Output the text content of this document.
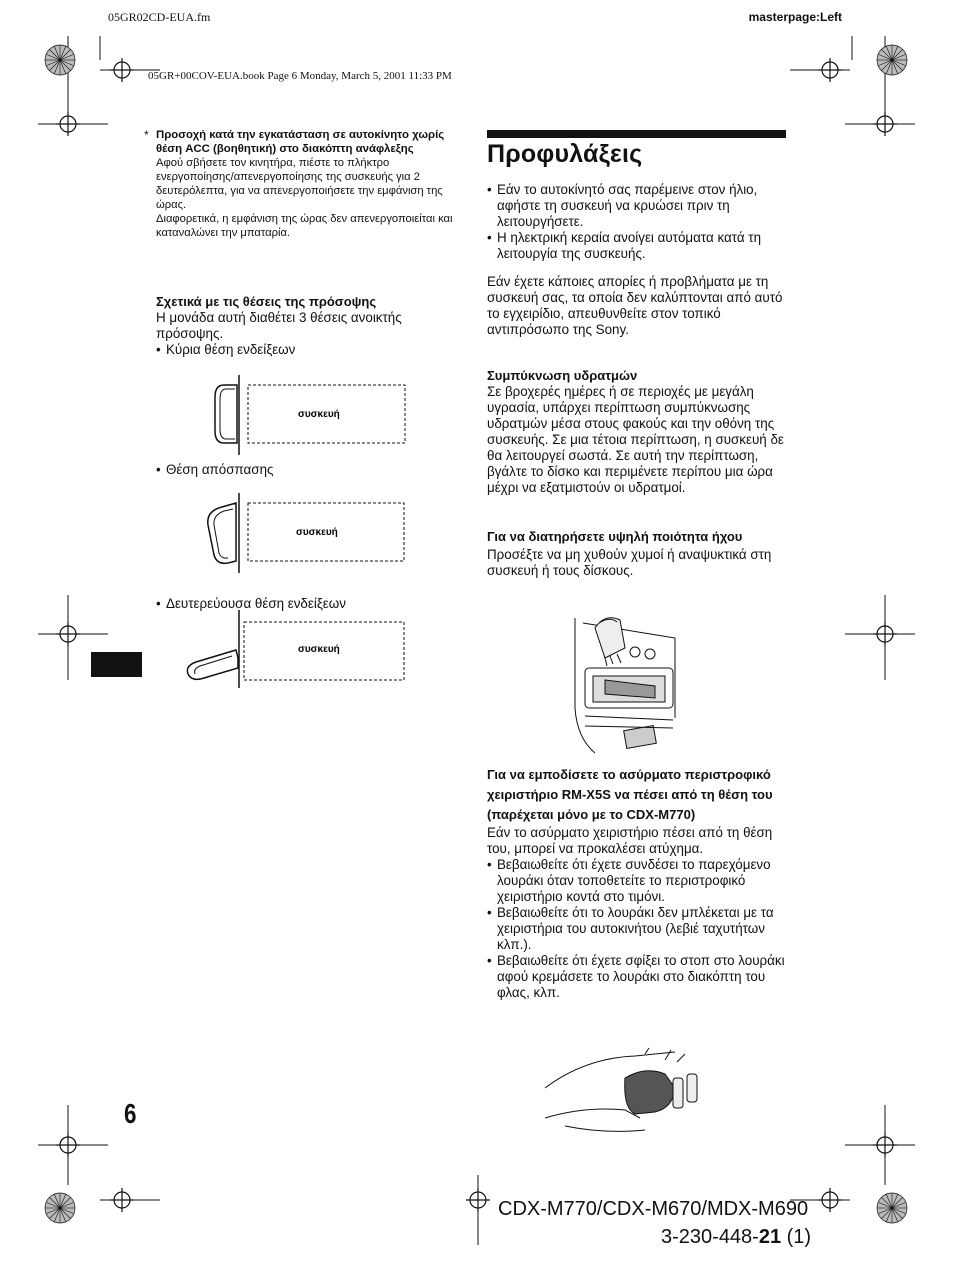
05GR02CD-EUA.fm	masterpage:Left
05GR+00COV-EUA.book Page 6 Monday, March 5, 2001 11:33 PM
* Προσοχή κατά την εγκατάσταση σε αυτοκίνητο χωρίς θέση ACC (βοηθητική) στο διακόπτη ανάφλεξης
Αφού σβήσετε τον κινητήρα, πιέστε το πλήκτρο ενεργοποίησης/απενεργοποίησης της συσκευής για 2 δευτερόλεπτα, για να απενεργοποιήσετε την εμφάνιση της ώρας.
Διαφορετικά, η εμφάνιση της ώρας δεν απενεργοποιείται και καταναλώνει την μπαταρία.
Σχετικά με τις θέσεις της πρόσοψης

Η μονάδα αυτή διαθέτει 3 θέσεις ανοικτής πρόσοψης.

• Κύρια θέση ενδείξεων
συσκευή
• Θέση απόσπασης
συσκευή
• Δευτερεύουσα θέση ενδείξεων
συσκευή
Προφυλάξεις
• Εάν το αυτοκίνητό σας παρέμεινε στον ήλιο, αφήστε τη συσκευή να κρυώσει πριν τη λειτουργήσετε.
• Η ηλεκτρική κεραία ανοίγει αυτόματα κατά τη λειτουργία της συσκευής.

Εάν έχετε κάποιες απορίες ή προβλήματα με τη συσκευή σας, τα οποία δεν καλύπτονται από αυτό το εγχειρίδιο, απευθυνθείτε στον τοπικό αντιπρόσωπο της Sony.

Συμπύκνωση υδρατμών

Σε βροχερές ημέρες ή σε περιοχές με μεγάλη υγρασία, υπάρχει περίπτωση συμπύκνωσης υδρατμών μέσα στους φακούς και την οθόνη της συσκευής. Σε μια τέτοια περίπτωση, η συσκευή δε θα λειτουργεί σωστά. Σε αυτή την περίπτωση, βγάλτε το δίσκο και περιμένετε περίπου μια ώρα μέχρι να εξατμιστούν οι υδρατμοί.

Για να διατηρήσετε υψηλή ποιότητα ήχου

Προσέξτε να μη χυθούν χυμοί ή αναψυκτικά στη συσκευή ή τους δίσκους.

Για να εμποδίσετε το ασύρματο περιστροφικό χειριστήριο RM-X5S να πέσει από τη θέση του
(παρέχεται μόνο με το CDX-M770)

Εάν το ασύρματο χειριστήριο πέσει από τη θέση του, μπορεί να προκαλέσει ατύχημα.

• Βεβαιωθείτε ότι έχετε συνδέσει το παρεχόμενο λουράκι όταν τοποθετείτε το περιστροφικό χειριστήριο κοντά στο τιμόνι.
• Βεβαιωθείτε ότι το λουράκι δεν μπλέκεται με τα χειριστήρια του αυτοκινήτου (λεβιέ ταχυτήτων κλπ.).
• Βεβαιωθείτε ότι έχετε σφίξει το στοπ στο λουράκι αφού κρεμάσετε το λουράκι στο διακόπτη του φλας, κλπ.
6
CDX-M770/CDX-M670/MDX-M690
3-230-448-21 (1)
